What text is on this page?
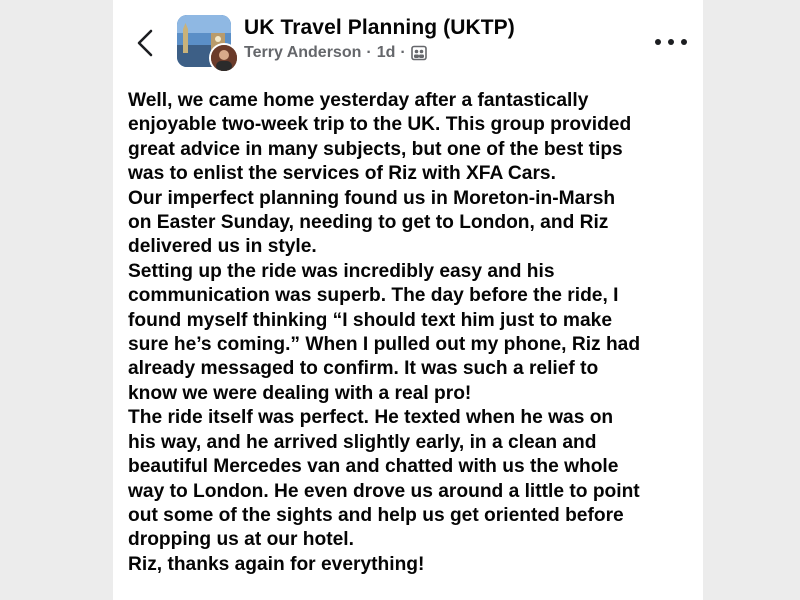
UK Travel Planning (UKTP)
Terry Anderson · 1d ·

Well, we came home yesterday after a fantastically

enjoyable two-week trip to the UK. This group provided

great advice in many subjects, but one of the best tips

was to enlist the services of Riz with XFA Cars.

Our imperfect planning found us in Moreton-in-Marsh

on Easter Sunday, needing to get to London, and Riz

delivered us in style.

Setting up the ride was incredibly easy and his

communication was superb. The day before the ride, I

found myself thinking “I should text him just to make

sure he’s coming.” When I pulled out my phone, Riz had

already messaged to confirm. It was such a relief to

know we were dealing with a real pro!

The ride itself was perfect. He texted when he was on

his way, and he arrived slightly early, in a clean and

beautiful Mercedes van and chatted with us the whole

way to London. He even drove us around a little to point

out some of the sights and help us get oriented before

dropping us at our hotel.

Riz, thanks again for everything!
